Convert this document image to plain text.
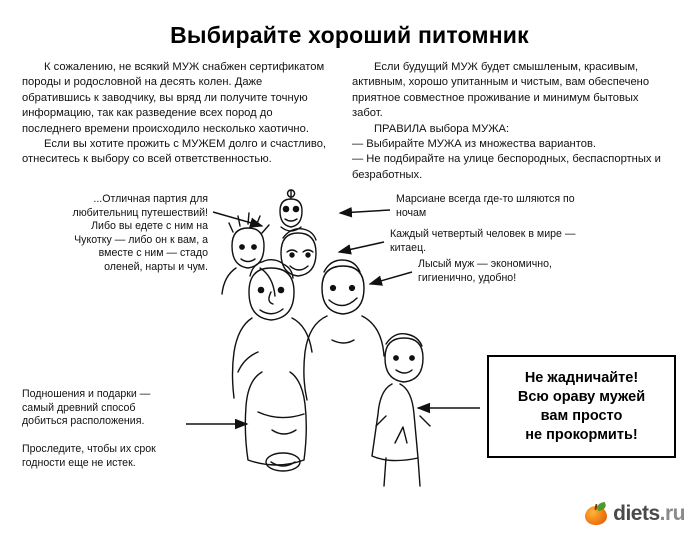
Выбирайте хороший питомник

К сожалению, не всякий МУЖ снабжен сертификатом породы и родословной на десять колен. Даже обратившись к заводчику, вы вряд ли получите точную информацию, так как разведение всех пород до последнего времени происходило несколько хаотично.

Если вы хотите прожить с МУЖЕМ долго и счастливо, отнеситесь к выбору со всей ответственностью.

Если будущий МУЖ будет смышленым, красивым, активным, хорошо упитанным и чистым, вам обеспечено приятное совместное проживание и минимум бытовых забот.

ПРАВИЛА выбора МУЖА:

— Выбирайте МУЖА из множества вариантов.

— Не подбирайте на улице беспородных, беспаспортных и безработных.

...Отличная партия для любительниц путешествий! Либо вы едете с ним на Чукотку — либо он к вам, а вместе с ним — стадо оленей, нарты и чум.
Марсиане всегда где-то шляются по ночам
Каждый четвертый человек в мире — китаец.
Лысый муж — экономично, гигиенично, удобно!
Подношения и подарки — самый древний способ добиться расположения.
Проследите, чтобы их срок годности еще не истек.
Не жадничайте!
Всю ораву мужей
вам просто
не прокормить!
diets.ru
